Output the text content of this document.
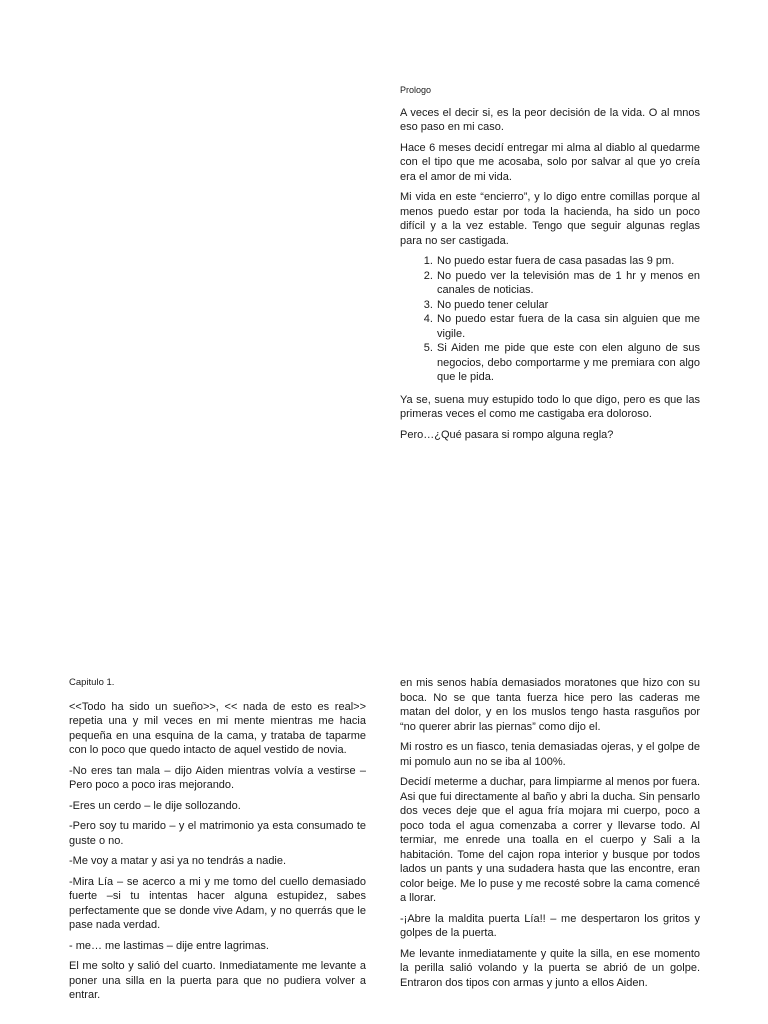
Prologo

A veces el decir si, es la peor decisión de la vida. O al mnos eso paso en mi caso.

Hace 6 meses decidí entregar mi alma al diablo al quedarme con el tipo que me acosaba, solo por salvar al que yo creía era el amor de mi vida.

Mi vida en este “encierro”, y lo digo entre comillas porque al menos puedo estar por toda la hacienda, ha sido un poco difícil y a la vez estable. Tengo que seguir algunas reglas para no ser castigada.

1. No puedo estar fuera de casa pasadas las 9 pm.
2. No puedo ver la televisión mas de 1 hr y menos en canales de noticias.
3. No puedo tener celular
4. No puedo estar fuera de la casa sin alguien que me vigile.
5. Si Aiden me pide que este con elen alguno de sus negocios, debo comportarme y me premiara con algo que le pida.

Ya se, suena muy estupido todo lo que digo, pero es que las primeras veces el como me castigaba era doloroso.

Pero…¿Qué pasara si rompo alguna regla?

Capitulo 1.

<<Todo ha sido un sueño>>, << nada de esto es real>> repetia una y mil veces en mi mente mientras me hacia pequeña en una esquina de la cama, y trataba de taparme con lo poco que quedo intacto de aquel vestido de novia.

-No eres tan mala – dijo Aiden mientras volvía a vestirse – Pero poco a poco iras mejorando.

-Eres un cerdo – le dije sollozando.

-Pero soy tu marido – y el matrimonio ya esta consumado te guste o no.

-Me voy a matar y asi ya no tendrás a nadie.

-Mira Lía – se acerco a mi y me tomo del cuello demasiado fuerte –si tu intentas hacer alguna estupidez, sabes perfectamente que se donde vive Adam, y no querrás que le pase nada verdad.

- me… me lastimas – dije entre lagrimas.

El me solto y salió del cuarto. Inmediatamente me levante a poner una silla en la puerta para que no pudiera volver a entrar.

en mis senos había demasiados moratones que hizo con su boca. No se que tanta fuerza hice pero las caderas me matan del dolor, y en los muslos tengo hasta rasguños por “no querer abrir las piernas” como dijo el.

Mi rostro es un fiasco, tenia demasiadas ojeras, y el golpe de mi pomulo aun no se iba al 100%.

Decidí meterme a duchar, para limpiarme al menos por fuera. Asi que fui directamente al baño y abri la ducha. Sin pensarlo dos veces deje que el agua fría mojara mi cuerpo, poco a poco toda el agua comenzaba a correr y llevarse todo. Al termiar, me enrede una toalla en el cuerpo y Sali a la habitación. Tome del cajon ropa interior y busque por todos lados un pants y una sudadera hasta que las encontre, eran color beige. Me lo puse y me recosté sobre la cama comencé a llorar.

-¡Abre la maldita puerta Lía!! – me despertaron los gritos y golpes de la puerta.

Me levante inmediatamente y quite la silla, en ese momento la perilla salió volando y la puerta se abrió de un golpe. Entraron dos tipos con armas y junto a ellos Aiden.
